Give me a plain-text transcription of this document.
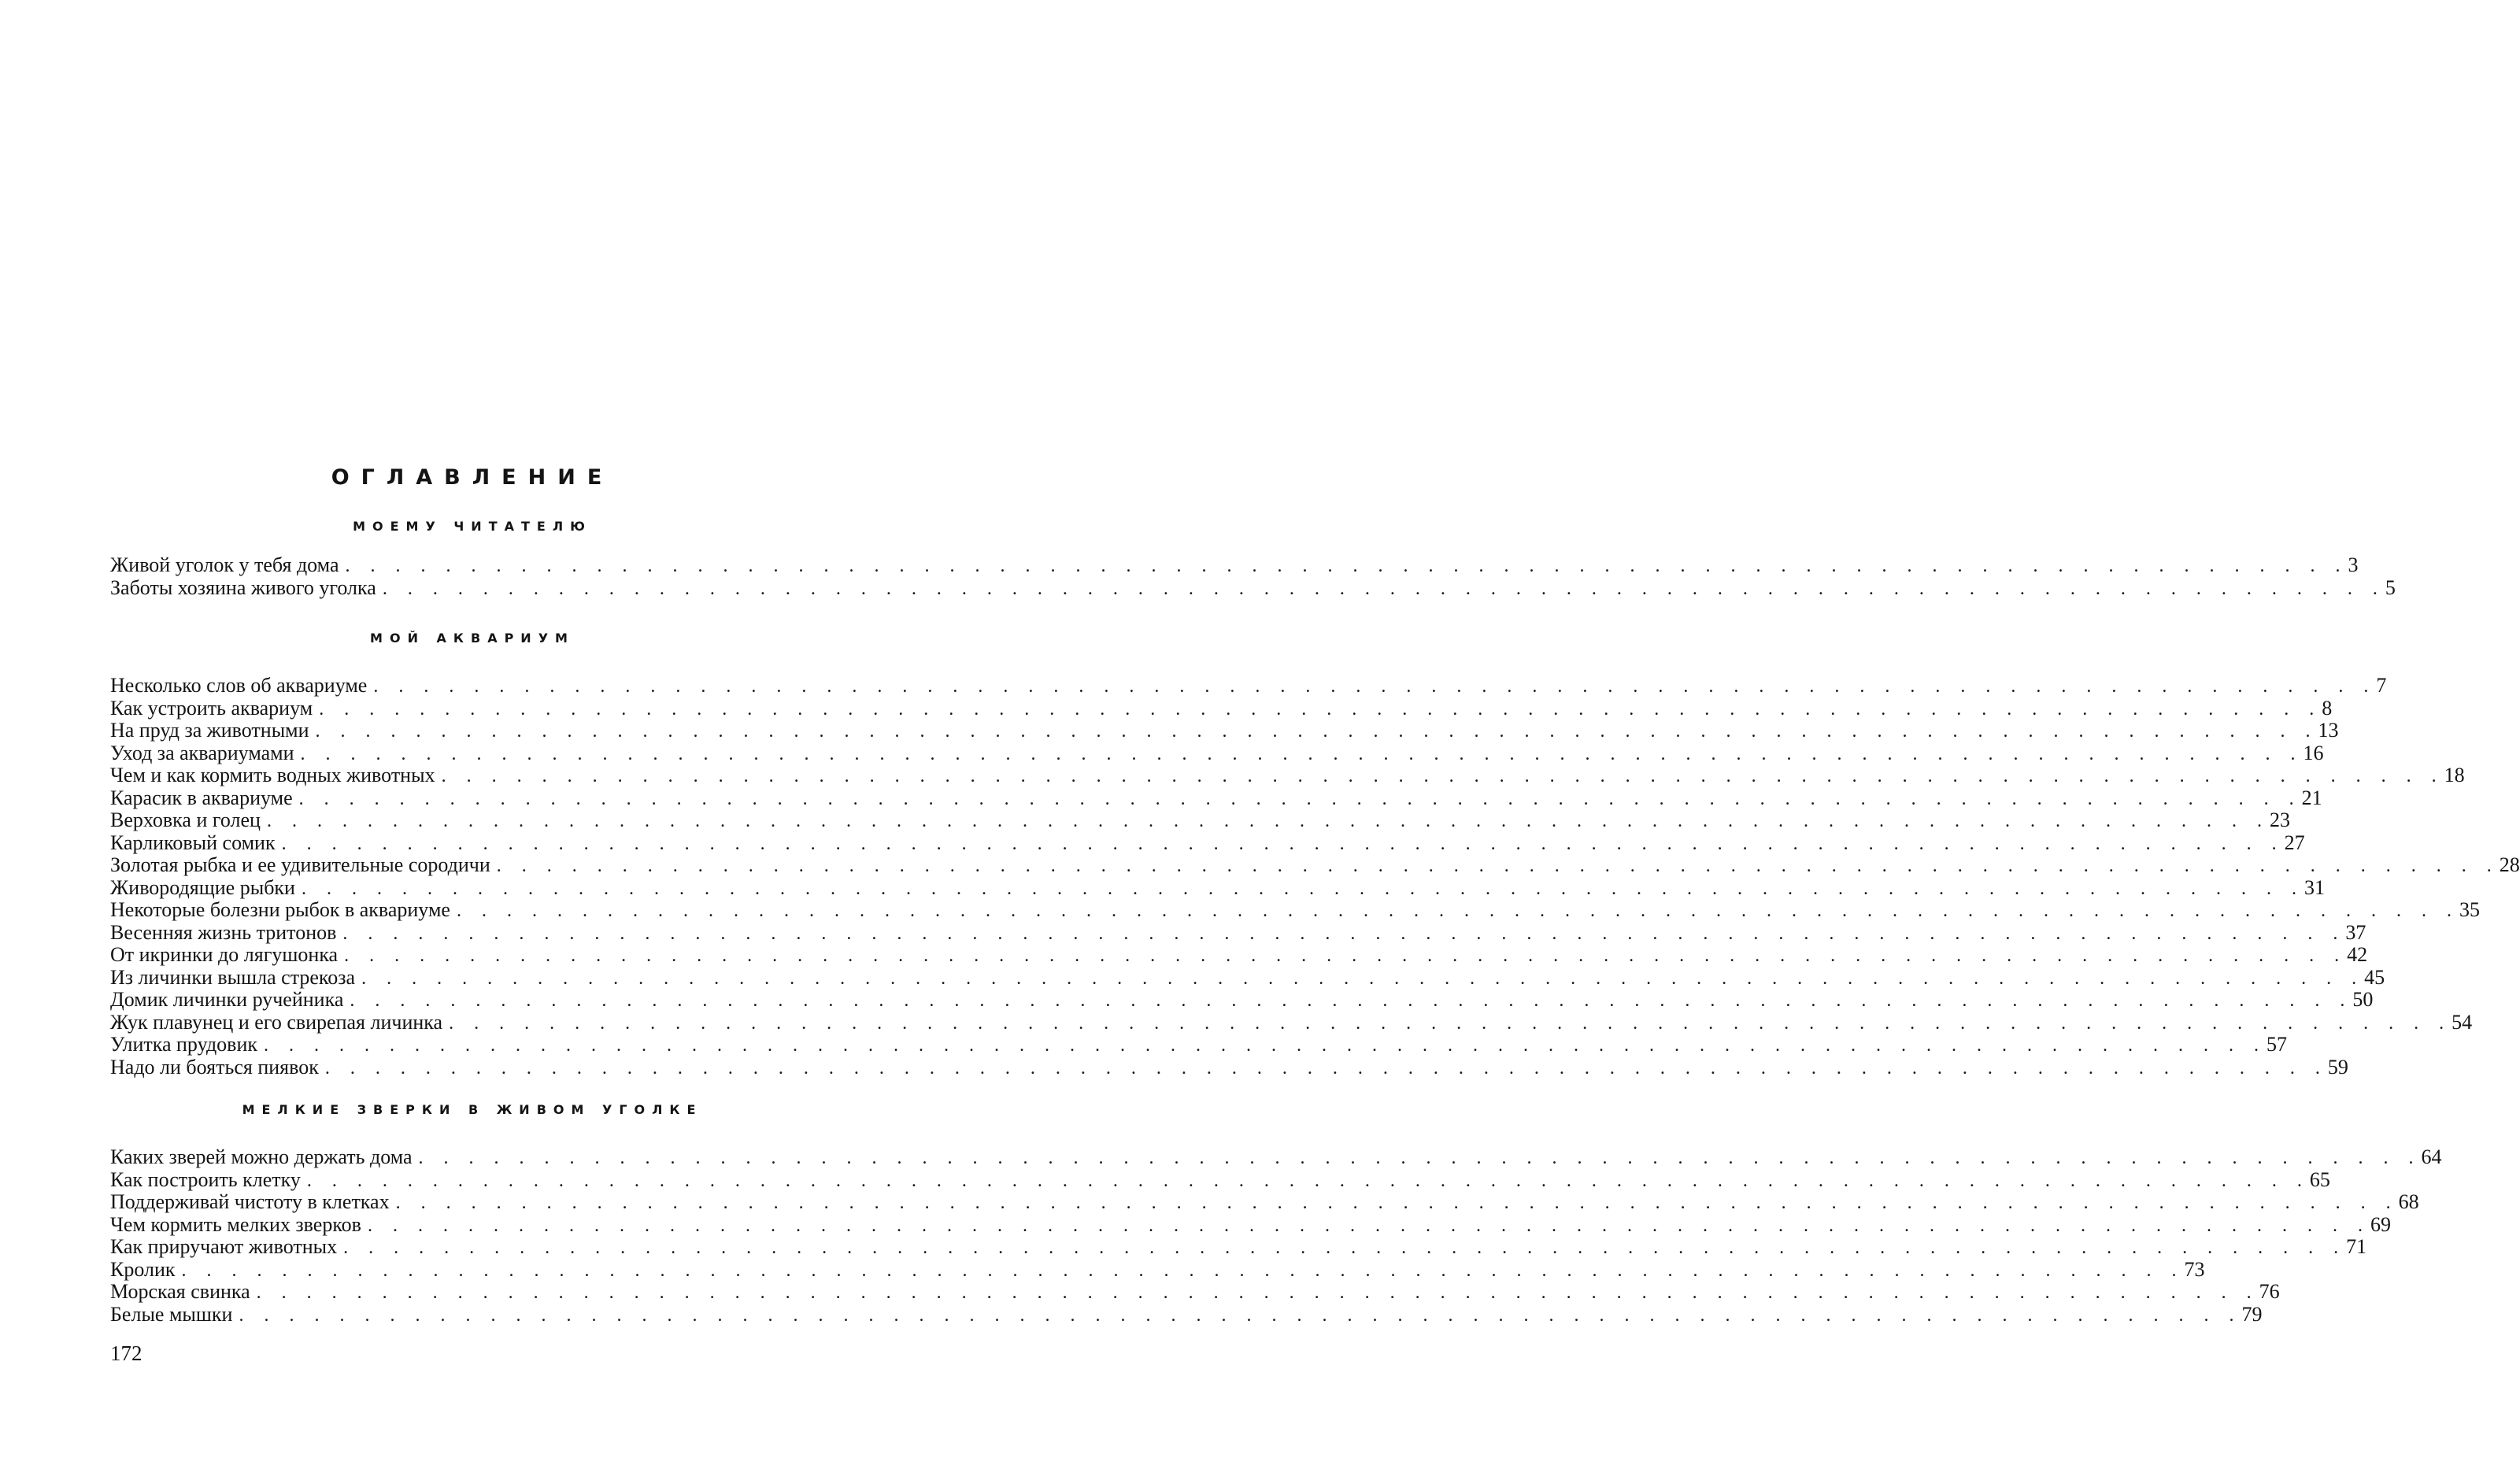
ОГЛАВЛЕНИЕ
МОЕМУ ЧИТАТЕЛЮ
Живой уголок у тебя дома . . . . . . . . . . . . . . . . . . . . . . . . . . . . . . . . . . . . . . . . . . . . . . . . . . . . . . . . . . . . . . . . . . . . . . . . . . . . . . . . 3
Заботы хозяина живого уголка . . . . . . . . . . . . . . . . . . . . . . . . . . . . . . . . . . . . . . . . . . . . . . . . . . . . . . . . . . . . . . . . . . . . . . . . . . . . . . . . 5
МОЙ АКВАРИУМ
Несколько слов об аквариуме . . . . . . . . . . . . . . . . . . . . . . . . . . . . . . . . . . . . . . . . . . . . . . . . . . . . . . . . . . . . . . . . . . . . . . . . . . . . . . . . 7
Как устроить аквариум . . . . . . . . . . . . . . . . . . . . . . . . . . . . . . . . . . . . . . . . . . . . . . . . . . . . . . . . . . . . . . . . . . . . . . . . . . . . . . . . 8
На пруд за животными . . . . . . . . . . . . . . . . . . . . . . . . . . . . . . . . . . . . . . . . . . . . . . . . . . . . . . . . . . . . . . . . . . . . . . . . . . . . . . . . 13
Уход за аквариумами . . . . . . . . . . . . . . . . . . . . . . . . . . . . . . . . . . . . . . . . . . . . . . . . . . . . . . . . . . . . . . . . . . . . . . . . . . . . . . . . 16
Чем и как кормить водных животных . . . . . . . . . . . . . . . . . . . . . . . . . . . . . . . . . . . . . . . . . . . . . . . . . . . . . . . . . . . . . . . . . . . . . . . . . . . . . . . . 18
Карасик в аквариуме . . . . . . . . . . . . . . . . . . . . . . . . . . . . . . . . . . . . . . . . . . . . . . . . . . . . . . . . . . . . . . . . . . . . . . . . . . . . . . . . 21
Верховка и голец . . . . . . . . . . . . . . . . . . . . . . . . . . . . . . . . . . . . . . . . . . . . . . . . . . . . . . . . . . . . . . . . . . . . . . . . . . . . . . . . 23
Карликовый сомик . . . . . . . . . . . . . . . . . . . . . . . . . . . . . . . . . . . . . . . . . . . . . . . . . . . . . . . . . . . . . . . . . . . . . . . . . . . . . . . . 27
Золотая рыбка и ее удивительные сородичи . . . . . . . . . . . . . . . . . . . . . . . . . . . . . . . . . . . . . . . . . . . . . . . . . . . . . . . . . . . . . . . . . . . . . . . . . . . . . . . . 28
Живородящие рыбки . . . . . . . . . . . . . . . . . . . . . . . . . . . . . . . . . . . . . . . . . . . . . . . . . . . . . . . . . . . . . . . . . . . . . . . . . . . . . . . . 31
Некоторые болезни рыбок в аквариуме . . . . . . . . . . . . . . . . . . . . . . . . . . . . . . . . . . . . . . . . . . . . . . . . . . . . . . . . . . . . . . . . . . . . . . . . . . . . . . . . 35
Весенняя жизнь тритонов . . . . . . . . . . . . . . . . . . . . . . . . . . . . . . . . . . . . . . . . . . . . . . . . . . . . . . . . . . . . . . . . . . . . . . . . . . . . . . . . 37
От икринки до лягушонка . . . . . . . . . . . . . . . . . . . . . . . . . . . . . . . . . . . . . . . . . . . . . . . . . . . . . . . . . . . . . . . . . . . . . . . . . . . . . . . . 42
Из личинки вышла стрекоза . . . . . . . . . . . . . . . . . . . . . . . . . . . . . . . . . . . . . . . . . . . . . . . . . . . . . . . . . . . . . . . . . . . . . . . . . . . . . . . . 45
Домик личинки ручейника . . . . . . . . . . . . . . . . . . . . . . . . . . . . . . . . . . . . . . . . . . . . . . . . . . . . . . . . . . . . . . . . . . . . . . . . . . . . . . . . 50
Жук плавунец и его свирепая личинка . . . . . . . . . . . . . . . . . . . . . . . . . . . . . . . . . . . . . . . . . . . . . . . . . . . . . . . . . . . . . . . . . . . . . . . . . . . . . . . . 54
Улитка прудовик . . . . . . . . . . . . . . . . . . . . . . . . . . . . . . . . . . . . . . . . . . . . . . . . . . . . . . . . . . . . . . . . . . . . . . . . . . . . . . . . 57
Надо ли бояться пиявок . . . . . . . . . . . . . . . . . . . . . . . . . . . . . . . . . . . . . . . . . . . . . . . . . . . . . . . . . . . . . . . . . . . . . . . . . . . . . . . . 59
МЕЛКИЕ ЗВЕРКИ В ЖИВОМ УГОЛКЕ
Каких зверей можно держать дома . . . . . . . . . . . . . . . . . . . . . . . . . . . . . . . . . . . . . . . . . . . . . . . . . . . . . . . . . . . . . . . . . . . . . . . . . . . . . . . . 64
Как построить клетку . . . . . . . . . . . . . . . . . . . . . . . . . . . . . . . . . . . . . . . . . . . . . . . . . . . . . . . . . . . . . . . . . . . . . . . . . . . . . . . . 65
Поддерживай чистоту в клетках . . . . . . . . . . . . . . . . . . . . . . . . . . . . . . . . . . . . . . . . . . . . . . . . . . . . . . . . . . . . . . . . . . . . . . . . . . . . . . . . 68
Чем кормить мелких зверков . . . . . . . . . . . . . . . . . . . . . . . . . . . . . . . . . . . . . . . . . . . . . . . . . . . . . . . . . . . . . . . . . . . . . . . . . . . . . . . . 69
Как приручают животных . . . . . . . . . . . . . . . . . . . . . . . . . . . . . . . . . . . . . . . . . . . . . . . . . . . . . . . . . . . . . . . . . . . . . . . . . . . . . . . . 71
Кролик . . . . . . . . . . . . . . . . . . . . . . . . . . . . . . . . . . . . . . . . . . . . . . . . . . . . . . . . . . . . . . . . . . . . . . . . . . . . . . . . 73
Морская свинка . . . . . . . . . . . . . . . . . . . . . . . . . . . . . . . . . . . . . . . . . . . . . . . . . . . . . . . . . . . . . . . . . . . . . . . . . . . . . . . . 76
Белые мышки . . . . . . . . . . . . . . . . . . . . . . . . . . . . . . . . . . . . . . . . . . . . . . . . . . . . . . . . . . . . . . . . . . . . . . . . . . . . . . . . 79
172
